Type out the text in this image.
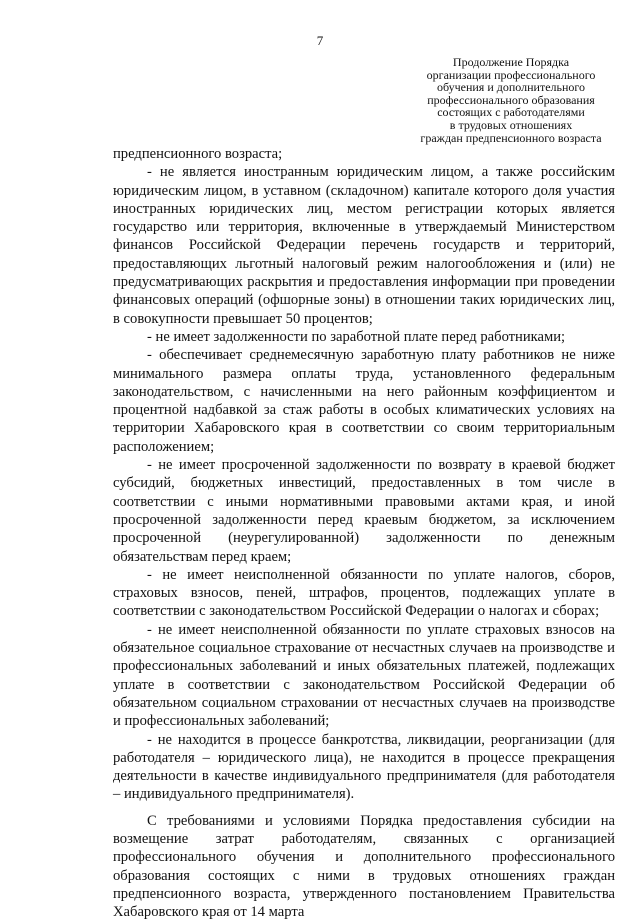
7
Продолжение Порядка
организации профессионального
обучения и дополнительного
профессионального образования
состоящих с работодателями
в трудовых отношениях
граждан предпенсионного возраста

предпенсионного возраста;

- не является иностранным юридическим лицом, а также российским юридическим лицом, в уставном (складочном) капитале которого доля участия иностранных юридических лиц, местом регистрации которых является государство или территория, включенные в утверждаемый Министерством финансов Российской Федерации перечень государств и территорий, предоставляющих льготный налоговый режим налогообложения и (или) не предусматривающих раскрытия и предоставления информации при проведении финансовых операций (офшорные зоны) в отношении таких юридических лиц, в совокупности превышает 50 процентов;

- не имеет задолженности по заработной плате перед работниками;

- обеспечивает среднемесячную заработную плату работников не ниже минимального размера оплаты труда, установленного федеральным законодательством, с начисленными на него районным коэффициентом и процентной надбавкой за стаж работы в особых климатических условиях на территории Хабаровского края в соответствии со своим территориальным расположением;

- не имеет просроченной задолженности по возврату в краевой бюджет субсидий, бюджетных инвестиций, предоставленных в том числе в соответствии с иными нормативными правовыми актами края, и иной просроченной задолженности перед краевым бюджетом, за исключением просроченной (неурегулированной) задолженности по денежным обязательствам перед краем;

- не имеет неисполненной обязанности по уплате налогов, сборов, страховых взносов, пеней, штрафов, процентов, подлежащих уплате в соответствии с законодательством Российской Федерации о налогах и сборах;

- не имеет неисполненной обязанности по уплате страховых взносов на обязательное социальное страхование от несчастных случаев на производстве и профессиональных заболеваний и иных обязательных платежей, подлежащих уплате в соответствии с законодательством Российской Федерации об обязательном социальном страховании от несчастных случаев на производстве и профессиональных заболеваний;

- не находится в процессе банкротства, ликвидации, реорганизации (для работодателя – юридического лица), не находится в процессе прекращения деятельности в качестве индивидуального предпринимателя (для работодателя – индивидуального предпринимателя).

С требованиями и условиями Порядка предоставления субсидии на возмещение затрат работодателям, связанных с организацией профессионального обучения и дополнительного профессионального образования состоящих с ними в трудовых отношениях граждан предпенсионного возраста, утвержденного постановлением Правительства Хабаровского края от 14 марта
